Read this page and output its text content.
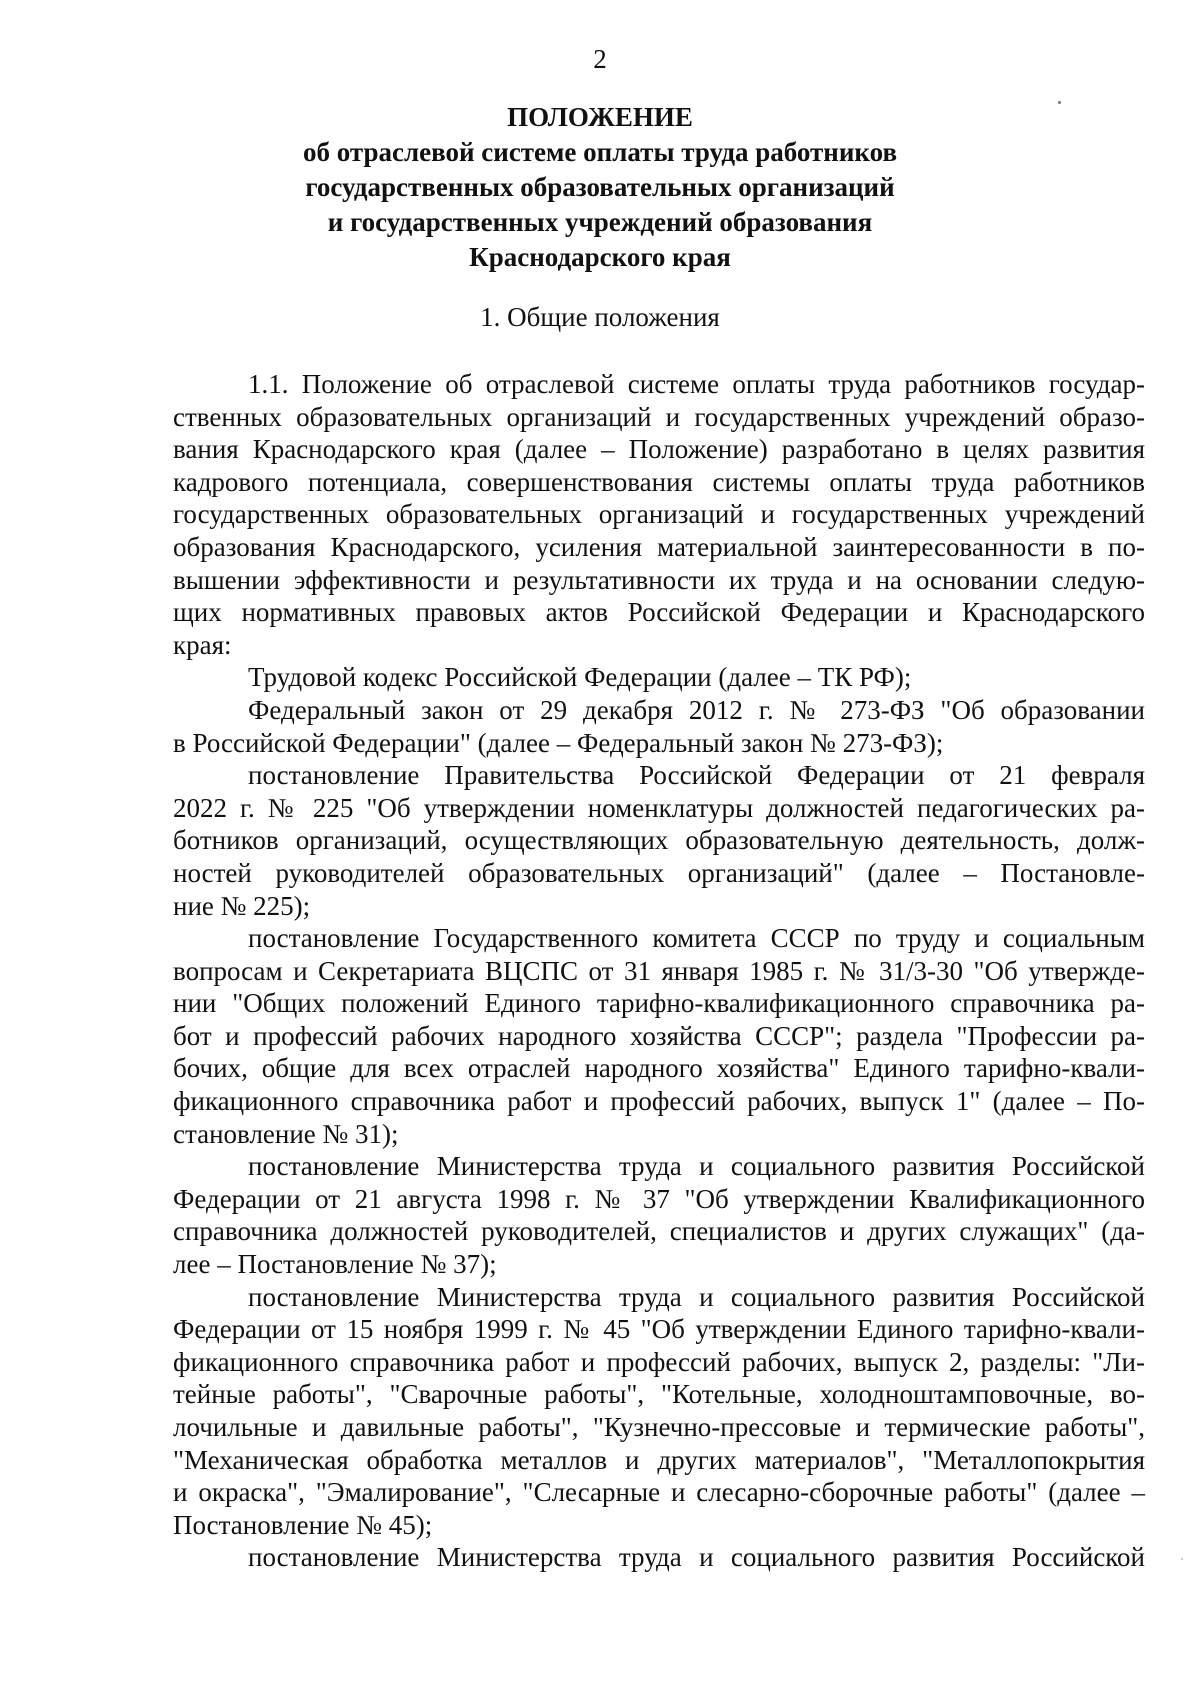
2
ПОЛОЖЕНИЕ
об отраслевой системе оплаты труда работников
государственных образовательных организаций
и государственных учреждений образования
Краснодарского края
1. Общие положения
1.1. Положение об отраслевой системе оплаты труда работников государ-
ственных образовательных организаций и государственных учреждений образо-
вания Краснодарского края (далее – Положение) разработано в целях развития
кадрового потенциала, совершенствования системы оплаты труда работников
государственных образовательных организаций и государственных учреждений
образования Краснодарского, усиления материальной заинтересованности в по-
вышении эффективности и результативности их труда и на основании следую-
щих нормативных правовых актов Российской Федерации и Краснодарского
края:
Трудовой кодекс Российской Федерации (далее – ТК РФ);
Федеральный закон от 29 декабря 2012 г. № 273-ФЗ "Об образовании
в Российской Федерации" (далее – Федеральный закон № 273-ФЗ);
постановление Правительства Российской Федерации от 21 февраля
2022 г. № 225 "Об утверждении номенклатуры должностей педагогических ра-
ботников организаций, осуществляющих образовательную деятельность, долж-
ностей руководителей образовательных организаций" (далее – Постановле-
ние № 225);
постановление Государственного комитета СССР по труду и социальным
вопросам и Секретариата ВЦСПС от 31 января 1985 г. № 31/3-30 "Об утвержде-
нии "Общих положений Единого тарифно-квалификационного справочника ра-
бот и профессий рабочих народного хозяйства СССР"; раздела "Профессии ра-
бочих, общие для всех отраслей народного хозяйства" Единого тарифно-квали-
фикационного справочника работ и профессий рабочих, выпуск 1" (далее – По-
становление № 31);
постановление Министерства труда и социального развития Российской
Федерации от 21 августа 1998 г. № 37 "Об утверждении Квалификационного
справочника должностей руководителей, специалистов и других служащих" (да-
лее – Постановление № 37);
постановление Министерства труда и социального развития Российской
Федерации от 15 ноября 1999 г. № 45 "Об утверждении Единого тарифно-квали-
фикационного справочника работ и профессий рабочих, выпуск 2, разделы: "Ли-
тейные работы", "Сварочные работы", "Котельные, холодноштамповочные, во-
лочильные и давильные работы", "Кузнечно-прессовые и термические работы",
"Механическая обработка металлов и других материалов", "Металлопокрытия
и окраска", "Эмалирование", "Слесарные и слесарно-сборочные работы" (далее –
Постановление № 45);
постановление Министерства труда и социального развития Российской
